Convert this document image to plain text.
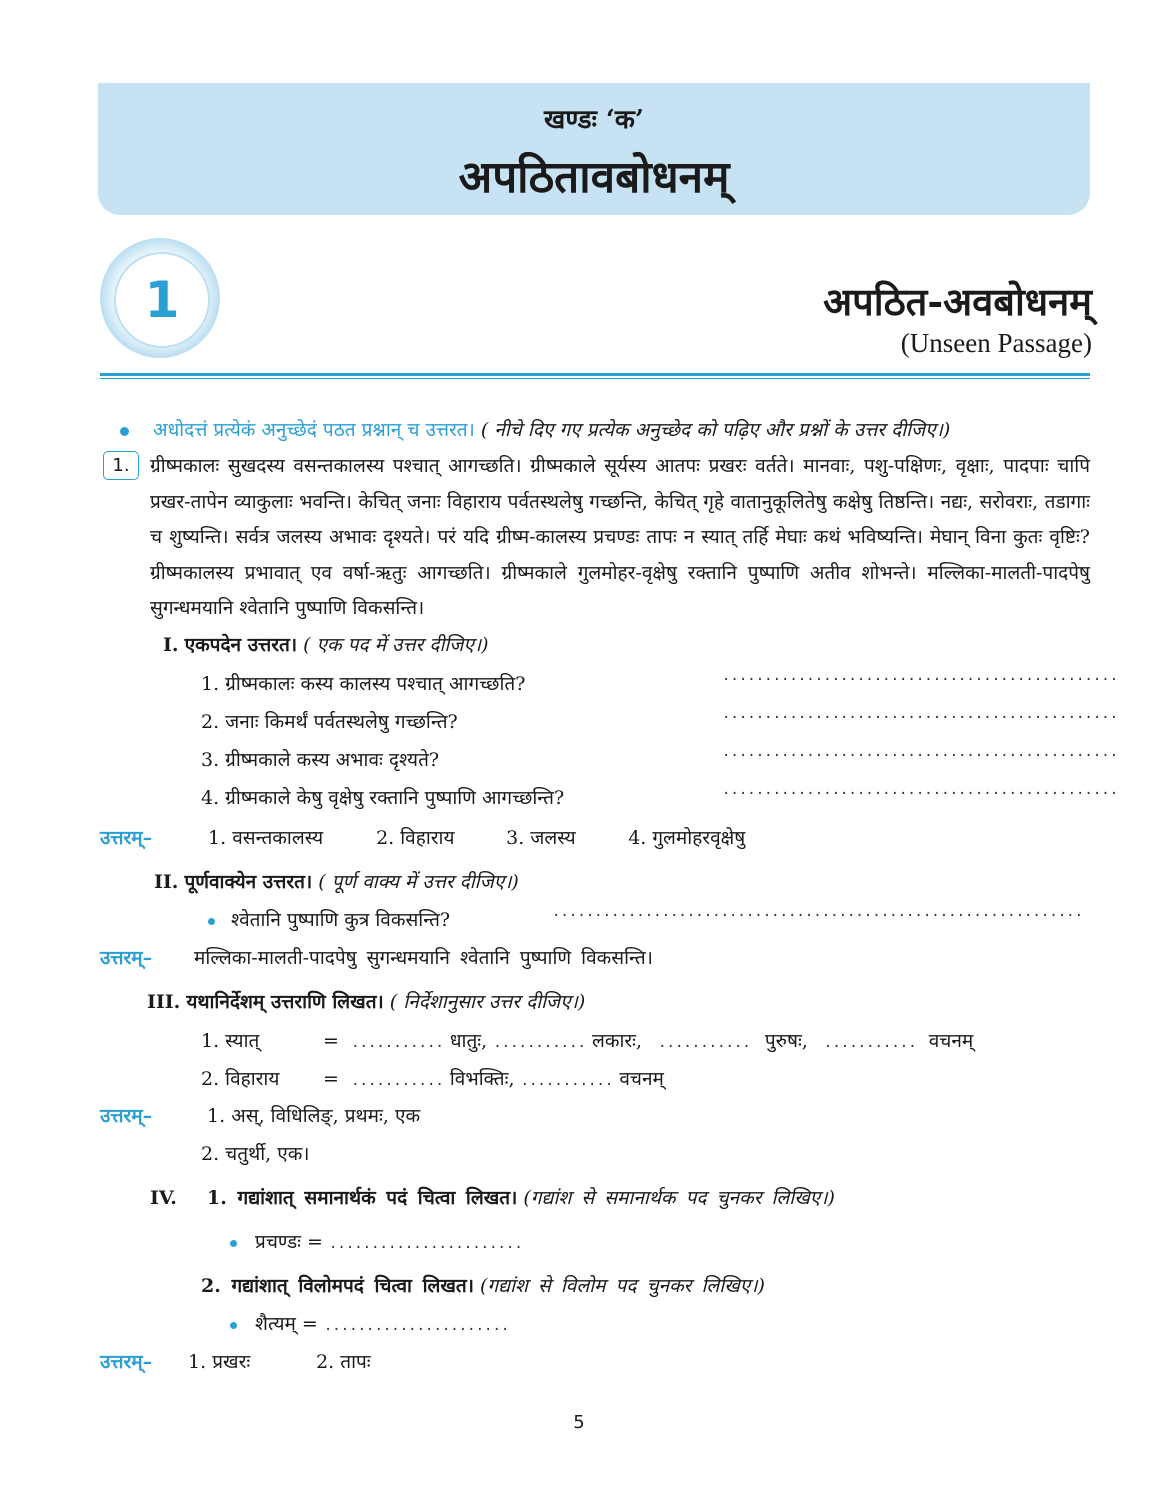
खण्डः ‘क’
अपठितावबोधनम्
1	अपठित-अवबोधनम्
(Unseen Passage)
अधोदत्तं प्रत्येकं अनुच्छेदं पठत प्रश्नान् च उत्तरत। ( नीचे दिए गए प्रत्येक अनुच्छेद को पढ़िए और प्रश्नों के उत्तर दीजिए।)
1.	ग्रीष्मकालः सुखदस्य वसन्तकालस्य पश्चात् आगच्छति। ग्रीष्मकाले सूर्यस्य आतपः प्रखरः वर्तते। मानवाः, पशु-पक्षिणः, वृक्षाः, पादपाः चापि प्रखर-तापेन व्याकुलाः भवन्ति। केचित् जनाः विहाराय पर्वतस्थलेषु गच्छन्ति, केचित् गृहे वातानुकूलितेषु कक्षेषु तिष्ठन्ति। नद्यः, सरोवराः, तडागाः च शुष्यन्ति। सर्वत्र जलस्य अभावः दृश्यते। परं यदि ग्रीष्म-कालस्य प्रचण्डः तापः न स्यात् तर्हि मेघाः कथं भविष्यन्ति। मेघान् विना कुतः वृष्टिः? ग्रीष्मकालस्य प्रभावात् एव वर्षा-ऋतुः आगच्छति। ग्रीष्मकाले गुलमोहर-वृक्षेषु रक्तानि पुष्पाणि अतीव शोभन्ते। मल्लिका-मालती-पादपेषु सुगन्धमयानि श्वेतानि पुष्पाणि विकसन्ति।
I. एकपदेन उत्तरत। ( एक पद में उत्तर दीजिए।)
1. ग्रीष्मकालः कस्य कालस्य पश्चात् आगच्छति?
2. जनाः किमर्थं पर्वतस्थलेषु गच्छन्ति?
3. ग्रीष्मकाले कस्य अभावः दृश्यते?
4. ग्रीष्मकाले केषु वृक्षेषु रक्तानि पुष्पाणि आगच्छन्ति?
...............................................
...............................................
...............................................
...............................................
उत्तरम्–	1. वसन्तकालस्य	2. विहाराय	3. जलस्य	4. गुलमोहरवृक्षेषु
II. पूर्णवाक्येन उत्तरत। ( पूर्ण वाक्य में उत्तर दीजिए।)
श्वेतानि पुष्पाणि कुत्र विकसन्ति?	...............................................................
उत्तरम्– मल्लिका-मालती-पादपेषु सुगन्धमयानि श्वेतानि पुष्पाणि विकसन्ति।
III. यथानिर्देशम् उत्तराणि लिखत। ( निर्देशानुसार उत्तर दीजिए।)
1. स्यात्	= ........... धातुः, ........... लकारः, ........... पुरुषः, ........... वचनम्
2. विहाराय = ........... विभक्तिः, ........... वचनम्
उत्तरम्–	1. अस्, विधिलिङ्, प्रथमः, एक
2. चतुर्थी, एक।
IV. 1. गद्यांशात् समानार्थकं पदं चित्वा लिखत। (गद्यांश से समानार्थक पद चुनकर लिखिए।)
प्रचण्डः = .......................
2. गद्यांशात् विलोमपदं चित्वा लिखत। (गद्यांश से विलोम पद चुनकर लिखिए।)
शैत्यम् = ......................
उत्तरम्– 1. प्रखरः	2. तापः
5
